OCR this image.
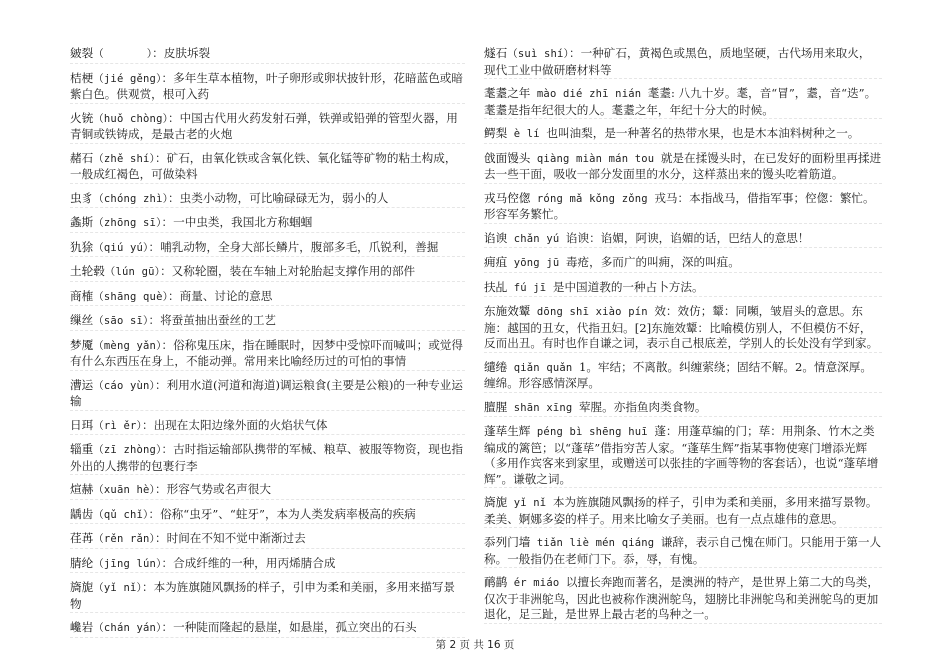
皴裂（　　　　）：皮肤坼裂

桔梗（jié gěng）：多年生草本植物，叶子卵形或卵状披针形，花暗蓝色或暗紫白色。供观赏，根可入药

火铳（huǒ chòng）：中国古代用火药发射石弹，铁弹或铅弹的管型火器，用青铜或铁铸成，是最古老的火炮

赭石（zhě shí）：矿石，由氧化铁或含氧化铁、氧化锰等矿物的粘土构成，一般成红褐色，可做染料

虫豸（chóng zhì）：虫类小动物，可比喻碌碌无为，弱小的人

螽斯（zhōng sī）：一中虫类，我国北方称蝈蝈

犰狳（qiú yú）：哺乳动物，全身大部长鳞片，腹部多毛，爪锐利，善掘

土轮毂（lún gū）：又称轮圈，装在车轴上对轮胎起支撑作用的部件

商榷（shāng què）：商量、讨论的意思

缫丝（sāo sī）：将蚕茧抽出蚕丝的工艺

梦魇（mèng yǎn）：俗称鬼压床，指在睡眠时，因梦中受惊吓而喊叫；或觉得有什么东西压在身上，不能动弹。常用来比喻经历过的可怕的事情

漕运（cáo yùn）：利用水道(河道和海道)调运粮食(主要是公粮)的一种专业运输

日珥（rì ěr）：出现在太阳边缘外面的火焰状气体

辎重（zī zhòng）：古时指运输部队携带的军械、粮草、被服等物资，现也指外出的人携带的包裹行李

煊赫（xuān hè）：形容气势或名声很大

龋齿（qǔ chǐ）：俗称“虫牙”、“蛀牙”，本为人类发病率极高的疾病

荏苒（rěn rǎn）：时间在不知不觉中渐渐过去

腈纶（jīng lún）：合成纤维的一种，用丙烯腈合成

旖旎（yǐ nǐ）：本为旌旗随风飘扬的样子，引申为柔和美丽，多用来描写景物

巉岩（chán yán）：一种陡而隆起的悬崖，如悬崖，孤立突出的石头

燧石（suì shí）：一种矿石，黄褐色或黑色，质地坚硬，古代场用来取火，现代工业中做研磨材料等

耄耋之年 mào dié zhī nián 耄耋: 八九十岁。耄，音“冒”，耋，音“迭”。耄耋是指年纪很大的人。耄耋之年，年纪十分大的时候。

鳄梨 è lí 也叫油梨，是一种著名的热带水果，也是木本油料树种之一。

戗面馒头 qiàng miàn mán tou 就是在揉馒头时，在已发好的面粉里再揉进去一些干面，吸收一部分发面里的水分，这样蒸出来的馒头吃着筋道。

戎马倥偬 róng mǎ kǒng zǒng 戎马：本指战马，借指军事；倥偬：繁忙。形容军务繁忙。

谄谀 chǎn yú 谄谀：谄媚，阿谀，谄媚的话，巴结人的意思！

痈疽 yōng jū 毒疮，多而广的叫痈，深的叫疽。

扶乩 fú jī 是中国道教的一种占卜方法。

东施效颦 dōng shī xiào pín 效：效仿；颦：同嚬，皱眉头的意思。东施：越国的丑女，代指丑妇。[2]东施效颦：比喻模仿别人，不但模仿不好，反而出丑。有时也作自谦之词，表示自己根底差，学别人的长处没有学到家。

缱绻 qiǎn quǎn 1。牢结；不离散。纠缠萦绕；固结不解。2。情意深厚。缠绵。形容感情深厚。

膻腥 shān xīng 荤腥。亦指鱼肉类食物。

蓬荜生辉 péng bì shēng huī 蓬：用蓬草编的门；荜：用荆条、竹木之类编成的篱笆；以“蓬荜”借指穷苦人家。“蓬荜生辉”指某事物使寒门增添光辉（多用作宾客来到家里，或赠送可以张挂的字画等物的客套话），也说“蓬荜增辉”。谦敬之词。

旖旎 yǐ nǐ 本为旌旗随风飘扬的样子，引申为柔和美丽，多用来描写景物。柔美、婀娜多姿的样子。用来比喻女子美丽。也有一点点雄伟的意思。

忝列门墙 tiǎn liè mén qiáng 谦辞，表示自己愧在师门。只能用于第一人称。一般指仍在老师门下。忝，辱，有愧。

鸸鹋 ér miáo 以擅长奔跑而著名，是澳洲的特产，是世界上第二大的鸟类，仅次于非洲鸵鸟，因此也被称作澳洲鸵鸟，翅膀比非洲鸵鸟和美洲鸵鸟的更加退化，足三趾，是世界上最古老的鸟种之一。

第 2 页 共 16 页
